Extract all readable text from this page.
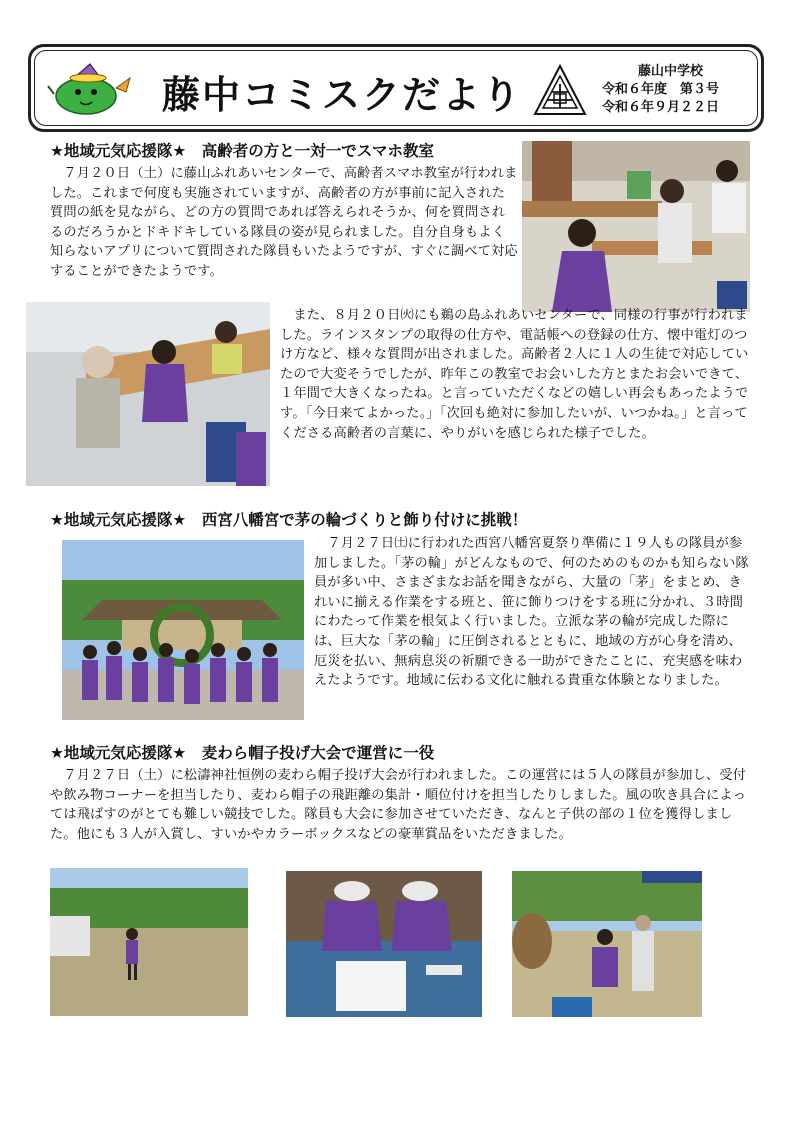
藤中コミスクだより
藤山中学校
令和６年度　第３号
令和６年９月２２日
★地域元気応援隊★　高齢者の方と一対一でスマホ教室

　７月２０日（土）に藤山ふれあいセンターで、高齢者スマホ教室が行われました。これまで何度も実施されていますが、高齢者の方が事前に記入された質問の紙を見ながら、どの方の質問であれば答えられそうか、何を質問されるのだろうかとドキドキしている隊員の姿が見られました。自分自身もよく知らないアプリについて質問された隊員もいたようですが、すぐに調べて対応することができたようです。

　また、８月２０日㈫にも鵜の島ふれあいセンターで、同様の行事が行われました。ラインスタンプの取得の仕方や、電話帳への登録の仕方、懐中電灯のつけ方など、様々な質問が出されました。高齢者２人に１人の生徒で対応していたので大変そうでしたが、昨年この教室でお会いした方とまたお会いできて、１年間で大きくなったね。と言っていただくなどの嬉しい再会もあったようです。「今日来てよかった。」「次回も絶対に参加したいが、いつかね。」と言ってくださる高齢者の言葉に、やりがいを感じられた様子でした。

★地域元気応援隊★　西宮八幡宮で茅の輪づくりと飾り付けに挑戦！

　７月２７日㈯に行われた西宮八幡宮夏祭り準備に１９人もの隊員が参加しました。「茅の輪」がどんなもので、何のためのものかも知らない隊員が多い中、さまざまなお話を聞きながら、大量の「茅」をまとめ、きれいに揃える作業をする班と、笹に飾りつけをする班に分かれ、３時間にわたって作業を根気よく行いました。立派な茅の輪が完成した際には、巨大な「茅の輪」に圧倒されるとともに、地域の方が心身を清め、厄災を払い、無病息災の祈願できる一助ができたことに、充実感を味わえたようです。地域に伝わる文化に触れる貴重な体験となりました。

★地域元気応援隊★　麦わら帽子投げ大会で運営に一役

　７月２７日（土）に松濤神社恒例の麦わら帽子投げ大会が行われました。この運営には５人の隊員が参加し、受付や飲み物コーナーを担当したり、麦わら帽子の飛距離の集計・順位付けを担当したりしました。風の吹き具合によっては飛ばすのがとても難しい競技でした。隊員も大会に参加させていただき、なんと子供の部の１位を獲得しました。他にも３人が入賞し、すいかやカラーボックスなどの豪華賞品をいただきました。
